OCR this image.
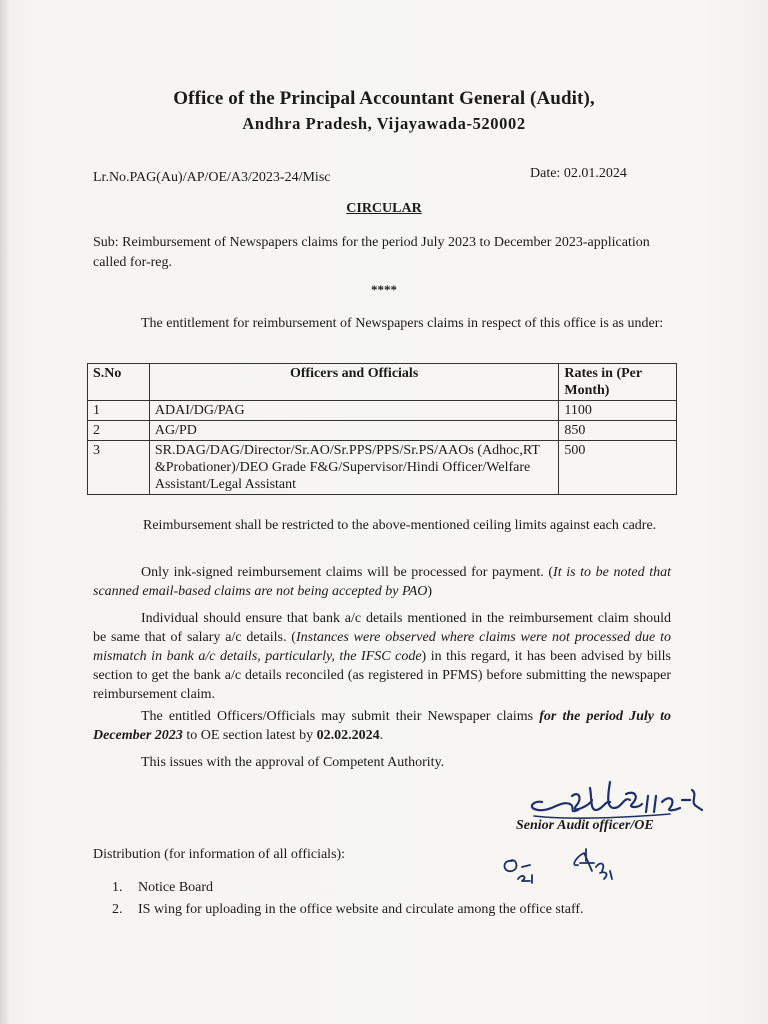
Office of the Principal Accountant General (Audit),
Andhra Pradesh, Vijayawada-520002
Lr.No.PAG(Au)/AP/OE/A3/2023-24/Misc	Date: 02.01.2024
CIRCULAR
Sub: Reimbursement of Newspapers claims for the period July 2023 to December 2023-application called for-reg.
****
The entitlement for reimbursement of Newspapers claims in respect of this office is as under:
S.No	Officers and Officials	Rates in (Per Month)
1	ADAI/DG/PAG	1100
2	AG/PD	850
3	SR.DAG/DAG/Director/Sr.AO/Sr.PPS/PPS/Sr.PS/AAOs (Adhoc,RT &Probationer)/DEO Grade F&G/Supervisor/Hindi Officer/Welfare Assistant/Legal Assistant	500
Reimbursement shall be restricted to the above-mentioned ceiling limits against each cadre.
Only ink-signed reimbursement claims will be processed for payment. (It is to be noted that scanned email-based claims are not being accepted by PAO)
Individual should ensure that bank a/c details mentioned in the reimbursement claim should be same that of salary a/c details. (Instances were observed where claims were not processed due to mismatch in bank a/c details, particularly, the IFSC code) in this regard, it has been advised by bills section to get the bank a/c details reconciled (as registered in PFMS) before submitting the newspaper reimbursement claim.
The entitled Officers/Officials may submit their Newspaper claims for the period July to December 2023 to OE section latest by 02.02.2024.
This issues with the approval of Competent Authority.
Senior Audit officer/OE
Distribution (for information of all officials):
1. Notice Board
2. IS wing for uploading in the office website and circulate among the office staff.
